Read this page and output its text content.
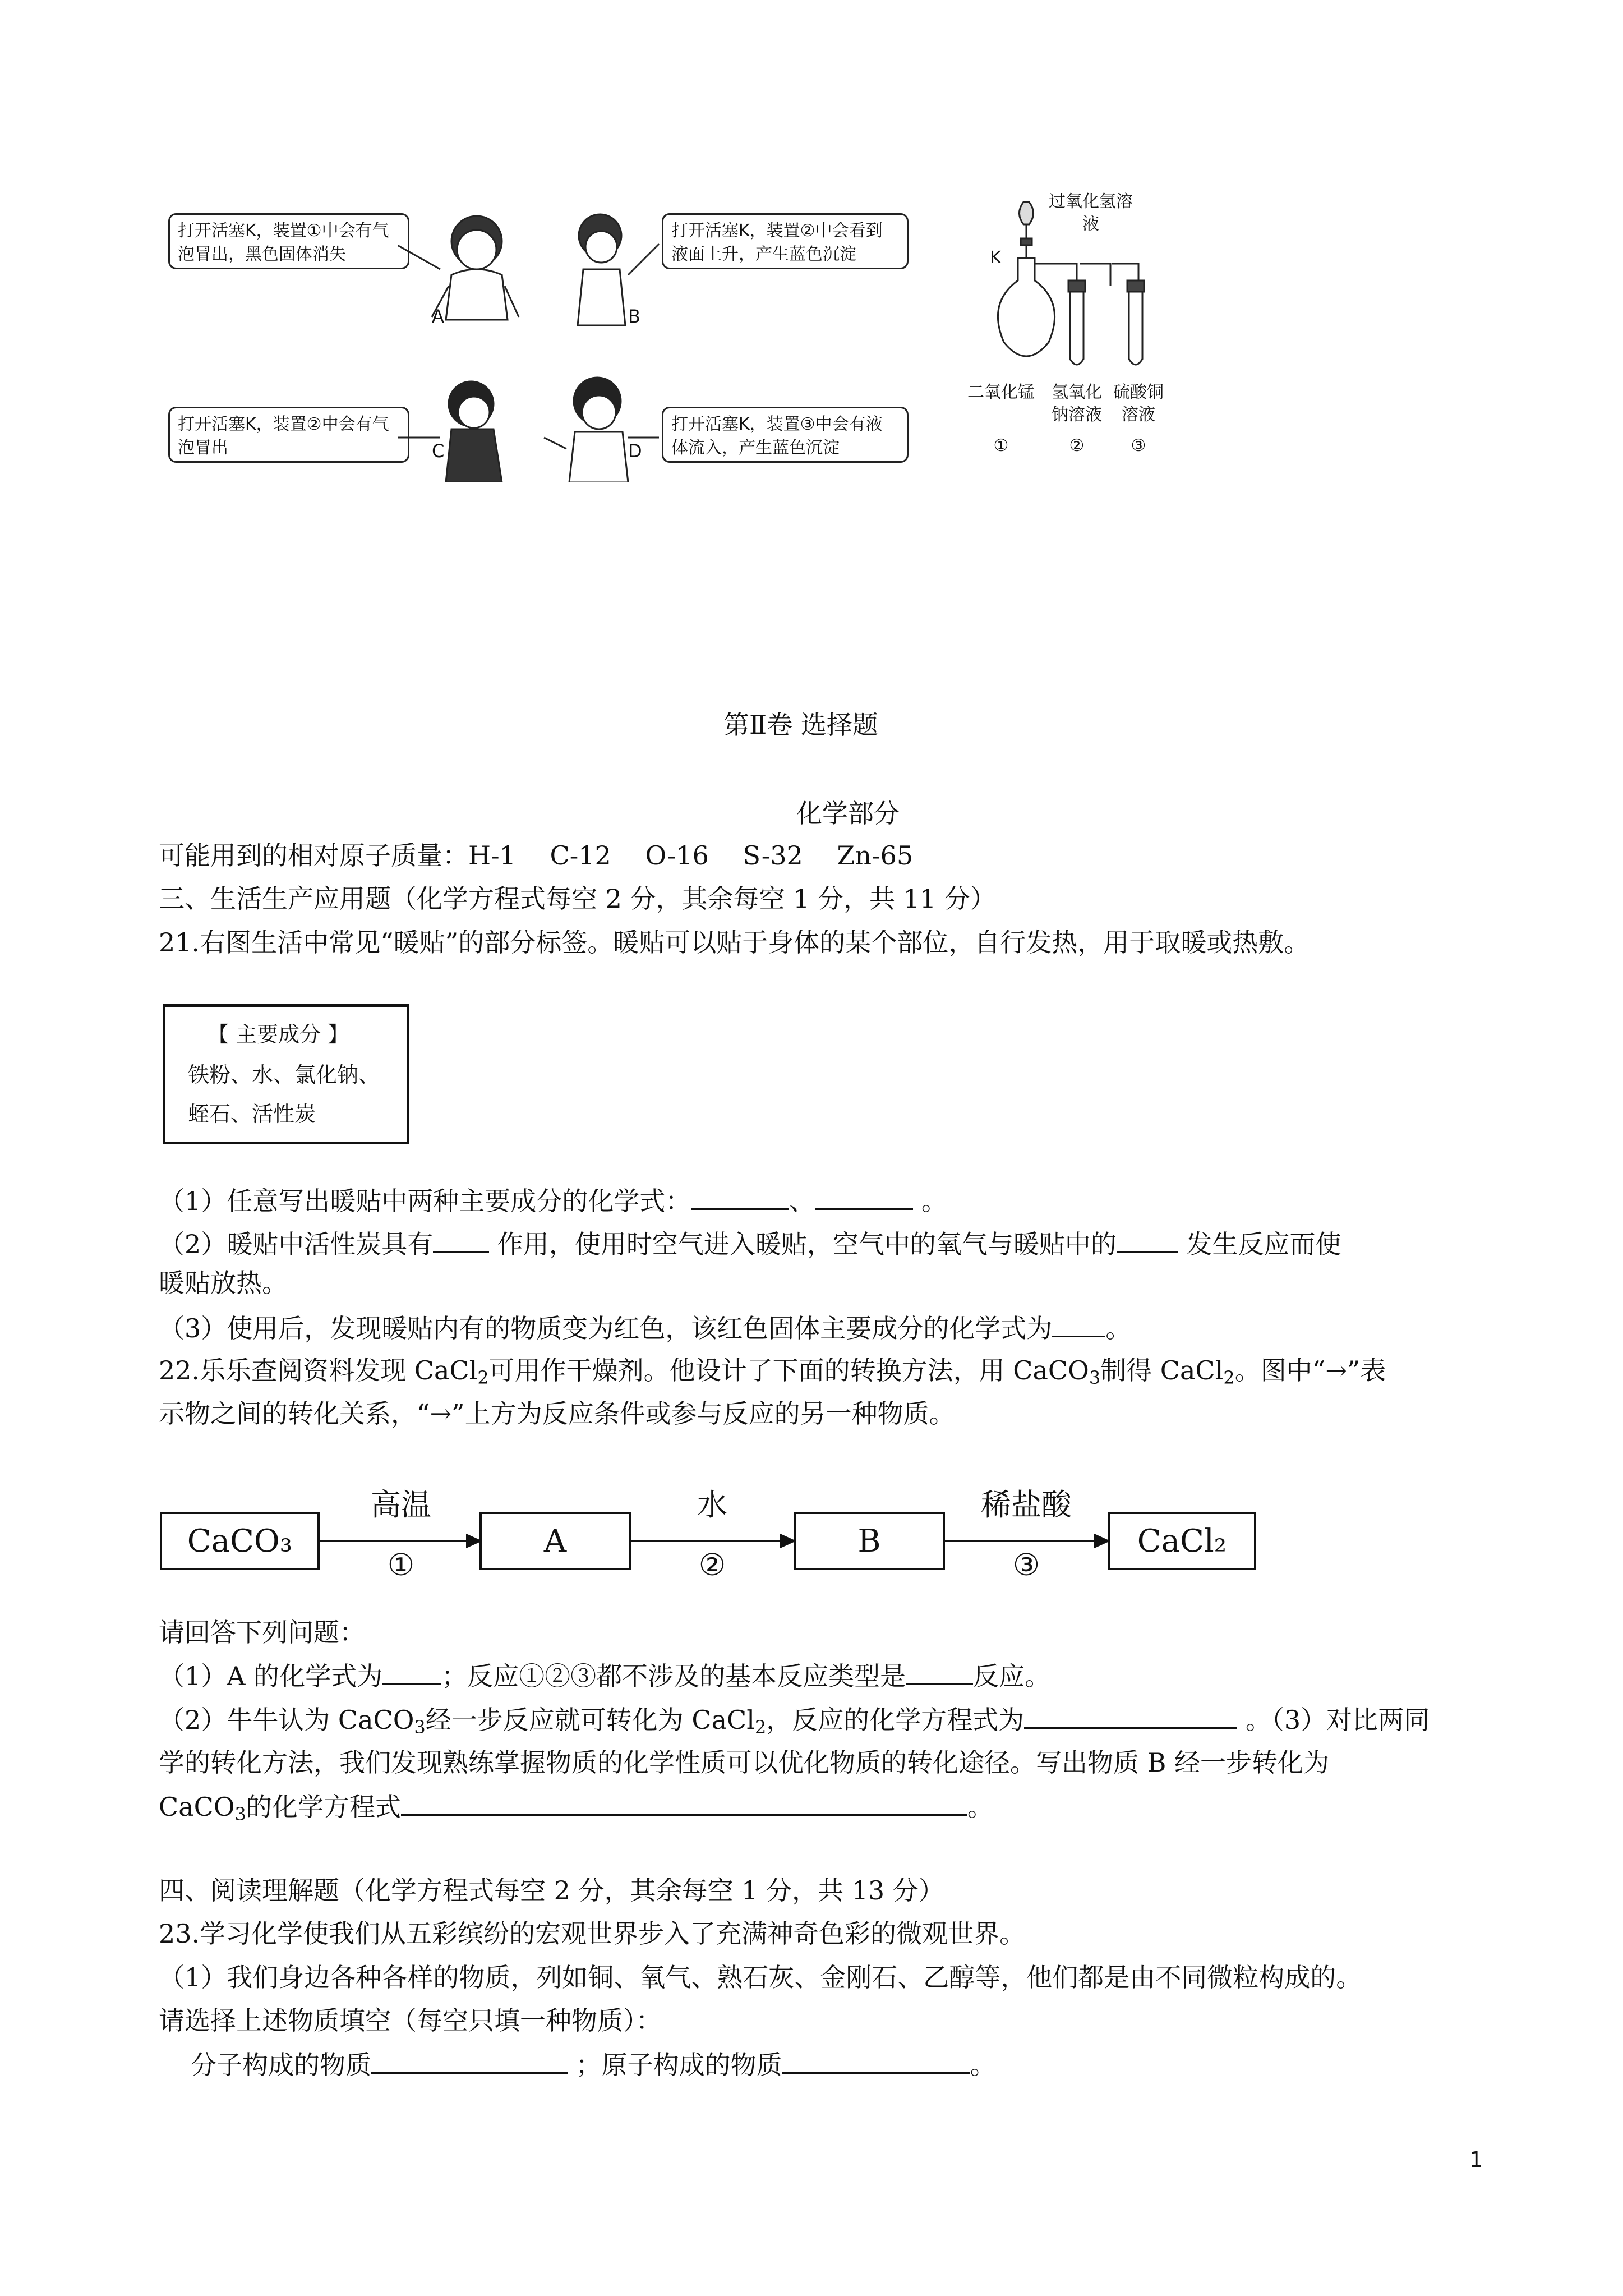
打开活塞K，装置①中会有气泡冒出，黑色固体消失
打开活塞K，装置②中会看到液面上升，产生蓝色沉淀
打开活塞K，装置②中会有气泡冒出
打开活塞K，装置③中会有液体流入，产生蓝色沉淀
A	B
C	D
过氧化氢溶液
K
二氧化锰	氢氧化钠溶液
硫酸铜溶液
①	②	③
第Ⅱ卷 选择题
化学部分
可能用到的相对原子质量：H-1　 C-12　 O-16　 S-32　 Zn-65
三、生活生产应用题（化学方程式每空 2 分，其余每空 1 分，共 11 分）
21.右图生活中常见“暖贴”的部分标签。暖贴可以贴于身体的某个部位，自行发热，用于取暖或热敷。
【 主要成分 】
铁粉、水、氯化钠、
蛭石、活性炭
（1）任意写出暖贴中两种主要成分的化学式：	、	。
（2）暖贴中活性炭具有 作用，使用时空气进入暖贴，空气中的氧气与暖贴中的 发生反应而使
暖贴放热。
（3）使用后，发现暖贴内有的物质变为红色，该红色固体主要成分的化学式为 。
22.乐乐查阅资料发现 CaCl$_2$可用作干燥剂。他设计了下面的转换方法，用 CaCO$_3$制得 CaCl$_2$。图中“→”表
示物之间的转化关系，“→”上方为反应条件或参与反应的另一种物质。
CaCO₃	A	B	CaCl₂
高温
①
水
②
稀盐酸
③
请回答下列问题：
（1）A 的化学式为 ；反应①②③都不涉及的基本反应类型是	反应。
（2）牛牛认为 CaCO$_3$经一步反应就可转化为 CaCl$_2$，反应的化学方程式为	。（3）对比两同
学的转化方法，我们发现熟练掌握物质的化学性质可以优化物质的转化途径。写出物质 B 经一步转化为
CaCO$_3$的化学方程式	。
四、阅读理解题（化学方程式每空 2 分，其余每空 1 分，共 13 分）
23.学习化学使我们从五彩缤纷的宏观世界步入了充满神奇色彩的微观世界。
（1）我们身边各种各样的物质，列如铜、氧气、熟石灰、金刚石、乙醇等，他们都是由不同微粒构成的。
请选择上述物质填空（每空只填一种物质）：
分子构成的物质	；原子构成的物质	。
1
